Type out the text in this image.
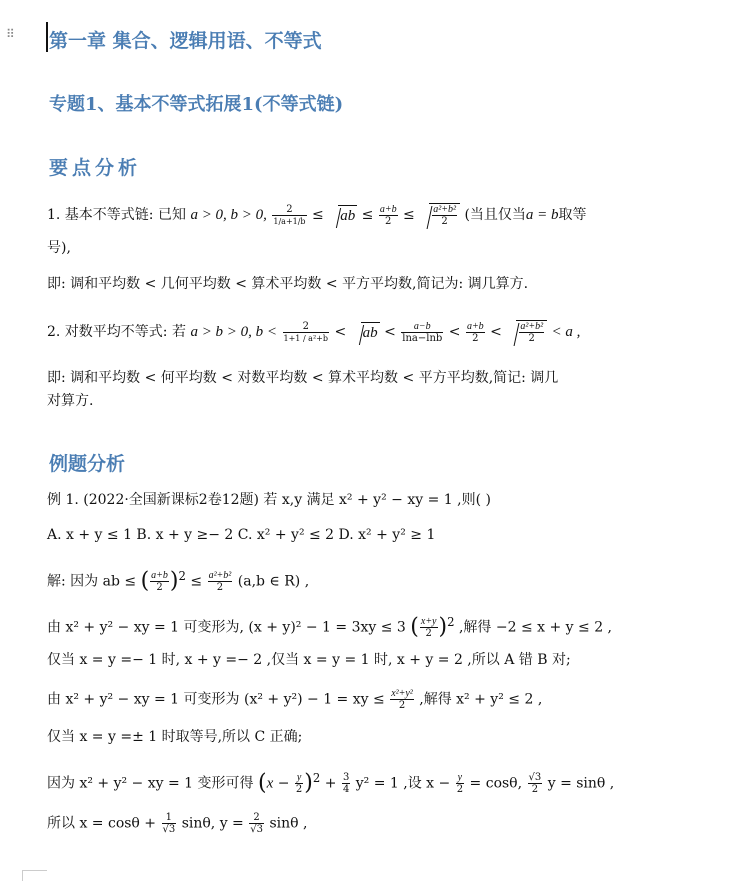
⠿ 第一章 集合、逻辑用语、不等式
专题1、基本不等式拓展1(不等式链)
要点分析
1. 基本不等式链: 已知 a > 0, b > 0, $\frac{2}{1/a+1/b}$ ≤ ab ≤ $\frac{a+b}{2} \le \frac{\text{a²+b²}}{2}$ (当且仅当a = b取等
号),
即: 调和平均数 < 几何平均数 < 算术平均数 < 平方平均数,简记为: 调几算方.
2. 对数平均不等式: 若 a > b > 0, $b < \frac{2}{\text{1+1 / a²+b}}$ < ab < $\frac{a-b}{\ln a-\ln b} < \frac{a+b}{2} < \frac{\text{a²+b²}}{2} < a$ ,
即: 调和平均数 < 何平均数 < 对数平均数 < 算术平均数 < 平方平均数,简记: 调几
对算方.
例题分析
例 1. (2022·全国新课标2卷12题) 若 x,y 满足 x² + y² − xy = 1 ,则( )
A. x + y ≤ 1 B. x + y ≥− 2 C. x² + y² ≤ 2 D. x² + y² ≥ 1
解: 因为 ab ≤ ( $\frac{a+b}{2} )^2 \le \frac{\text{a²+b²}}{2} (a,b$ ∈ R) ,
由 x² + y² − xy = 1 可变形为, (x + y)² − 1 = 3xy ≤ 3 ( $\frac{x+y}{2} )^2$ ,解得 −2 ≤ x + y ≤ 2 ,
仅当 x = y =− 1 时, x + y =− 2 ,仅当 x = y = 1 时, x + y = 2 ,所以 A 错 B 对;
由 x² + y² − xy = 1 可变形为 (x² + y²) − 1 = xy ≤ $\frac{\text{x²+y²}}{2}$ ,解得 x² + y² ≤ 2 ,
仅当 x = y =± 1 时取等号,所以 C 正确;
因为 x² + y² − xy = 1 变形可得 $(x - \frac{y}{2} )^2 + \frac{3}{4} y^2 = 1$ ,设 $x - \frac{y}{2} = \cos\theta$, $\frac{√3}{2}$ y = sinθ ,
所以 $x = \cos\theta + \frac{1}{√3} \sin\theta$, $y = \frac{2}{√3}$ sinθ ,
